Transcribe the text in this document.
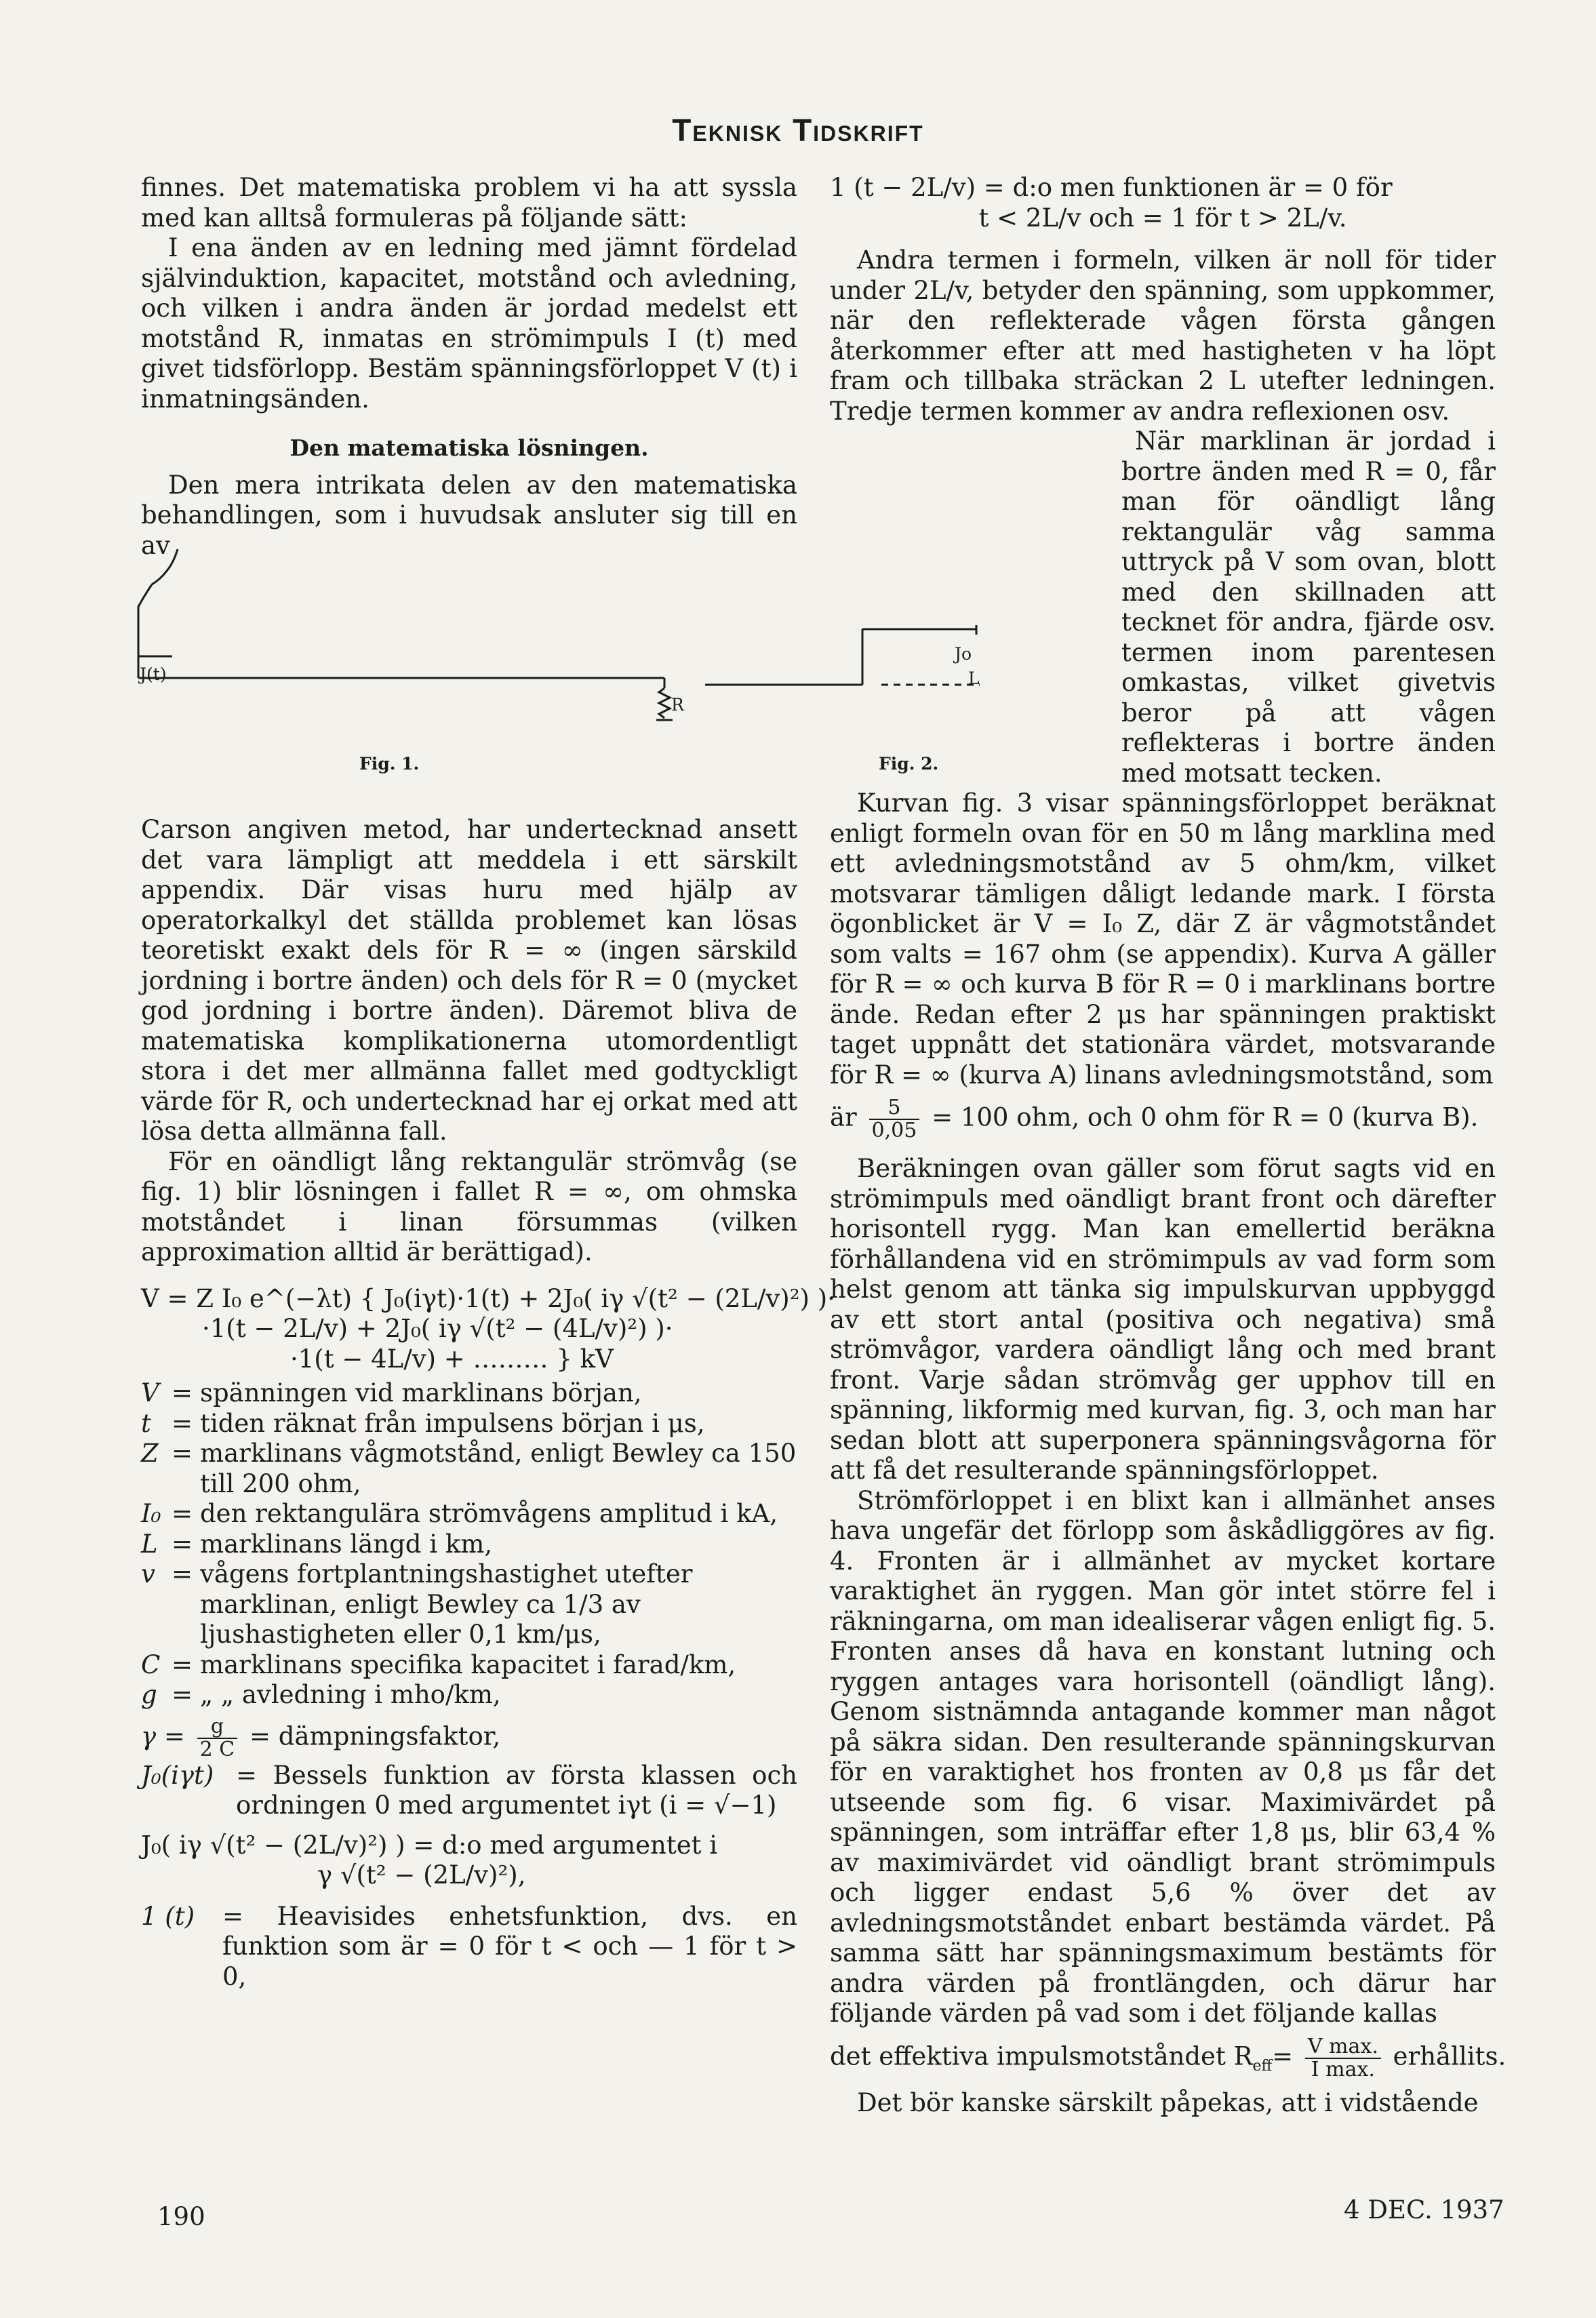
Teknisk Tidskrift

finnes. Det matematiska problem vi ha att syssla med kan alltså formuleras på följande sätt:

I ena änden av en ledning med jämnt fördelad självinduktion, kapacitet, motstånd och avledning, och vilken i andra änden är jordad medelst ett motstånd R, inmatas en strömimpuls I (t) med givet tidsförlopp. Bestäm spänningsförloppet V (t) i inmatningsänden.

Den matematiska lösningen.

Den mera intrikata delen av den matematiska behandlingen, som i huvudsak ansluter sig till en av

Carson angiven metod, har undertecknad ansett det vara lämpligt att meddela i ett särskilt appendix. Där visas huru med hjälp av operatorkalkyl det ställda problemet kan lösas teoretiskt exakt dels för R = ∞ (ingen särskild jordning i bortre änden) och dels för R = 0 (mycket god jordning i bortre änden). Däremot bliva de matematiska komplikationerna utomordentligt stora i det mer allmänna fallet med godtyckligt värde för R, och undertecknad har ej orkat med att lösa detta allmänna fall.

För en oändligt lång rektangulär strömvåg (se fig. 1) blir lösningen i fallet R = ∞, om ohmska motståndet i linan försummas (vilken approximation alltid är berättigad).

V = Z I₀ e^(−λt) { J₀(iγt)·1(t) + 2J₀( iγ √(t² − (2L/v)²) )·

·1(t − 2L/v) + 2J₀( iγ √(t² − (4L/v)²) )·

·1(t − 4L/v) + ……… } kV

V = spänningen vid marklinans början,
t = tiden räknat från impulsens början i μs,
Z = marklinans vågmotstånd, enligt Bewley ca 150 till 200 ohm,
I₀ = den rektangulära strömvågens amplitud i kA,
L = marklinans längd i km,
v = vågens fortplantningshastighet utefter marklinan, enligt Bewley ca 1/3 av ljushastigheten eller 0,1 km/μs,
C = marklinans specifika kapacitet i farad/km,
g = „ „ avledning i mho/km,

$\gamma = \frac{g}{2 C}$ = dämpningsfaktor,

J₀(iγt) = Bessels funktion av första klassen och ordningen 0 med argumentet iγt (i = √−1)

J₀( iγ √(t² − (2L/v)²) ) = d:o med argumentet i

γ √(t² − (2L/v)²),

1 (t)	= Heavisides enhetsfunktion, dvs. en funktion som är = 0 för t < och — 1 för t > 0,

1 (t − 2L/v) = d:o men funktionen är = 0 för

t < 2L/v och = 1 för t > 2L/v.

Andra termen i formeln, vilken är noll för tider under 2L/v, betyder den spänning, som uppkommer, när den reflekterade vågen första gången återkommer efter att med hastigheten v ha löpt fram och tillbaka sträckan 2 L utefter ledningen. Tredje termen kommer av andra reflexionen osv.

När marklinan är jordad i bortre änden med R = 0, får man för oändligt lång rektangulär våg samma uttryck på V som ovan, blott med den skillnaden att tecknet för andra, fjärde osv. termen inom parentesen omkastas, vilket givetvis beror på att vågen reflekteras i bortre änden med motsatt tecken.

Kurvan fig. 3 visar spänningsförloppet beräknat enligt formeln ovan för en 50 m lång marklina med ett avledningsmotstånd av 5 ohm/km, vilket motsvarar tämligen dåligt ledande mark. I första ögonblicket är V = I₀ Z, där Z är vågmotståndet som valts = 167 ohm (se appendix). Kurva A gäller för R = ∞ och kurva B för R = 0 i marklinans bortre ände. Redan efter 2 μs har spänningen praktiskt taget uppnått det stationära värdet, motsvarande för R = ∞ (kurva A) linans avledningsmotstånd, som

är $\frac{5}{0,05} = 100$ ohm, och 0 ohm för R = 0 (kurva B).

Beräkningen ovan gäller som förut sagts vid en strömimpuls med oändligt brant front och därefter horisontell rygg. Man kan emellertid beräkna förhållandena vid en strömimpuls av vad form som helst genom att tänka sig impulskurvan uppbyggd av ett stort antal (positiva och negativa) små strömvågor, vardera oändligt lång och med brant front. Varje sådan strömvåg ger upphov till en spänning, likformig med kurvan, fig. 3, och man har sedan blott att superponera spänningsvågorna för att få det resulterande spänningsförloppet.

Strömförloppet i en blixt kan i allmänhet anses hava ungefär det förlopp som åskådliggöres av fig. 4. Fronten är i allmänhet av mycket kortare varaktighet än ryggen. Man gör intet större fel i räkningarna, om man idealiserar vågen enligt fig. 5. Fronten anses då hava en konstant lutning och ryggen antages vara horisontell (oändligt lång). Genom sistnämnda antagande kommer man något på säkra sidan. Den resulterande spänningskurvan för en varaktighet hos fronten av 0,8 μs får det utseende som fig. 6 visar. Maximivärdet på spänningen, som inträffar efter 1,8 μs, blir 63,4 % av maximivärdet vid oändligt brant strömimpuls och ligger endast 5,6 % över det av avledningsmotståndet enbart bestämda värdet. På samma sätt har spänningsmaximum bestämts för andra värden på frontlängden, och därur har följande värden på vad som i det följande kallas

det effektiva impulsmotståndet $R_{eff}= \frac{\text{V max.}}{\text{I max.}}$ erhållits.

Det bör kanske särskilt påpekas, att i vidstående

J(t)
R
Jo
L
Fig. 1.	Fig. 2.
190	4 DEC. 1937
